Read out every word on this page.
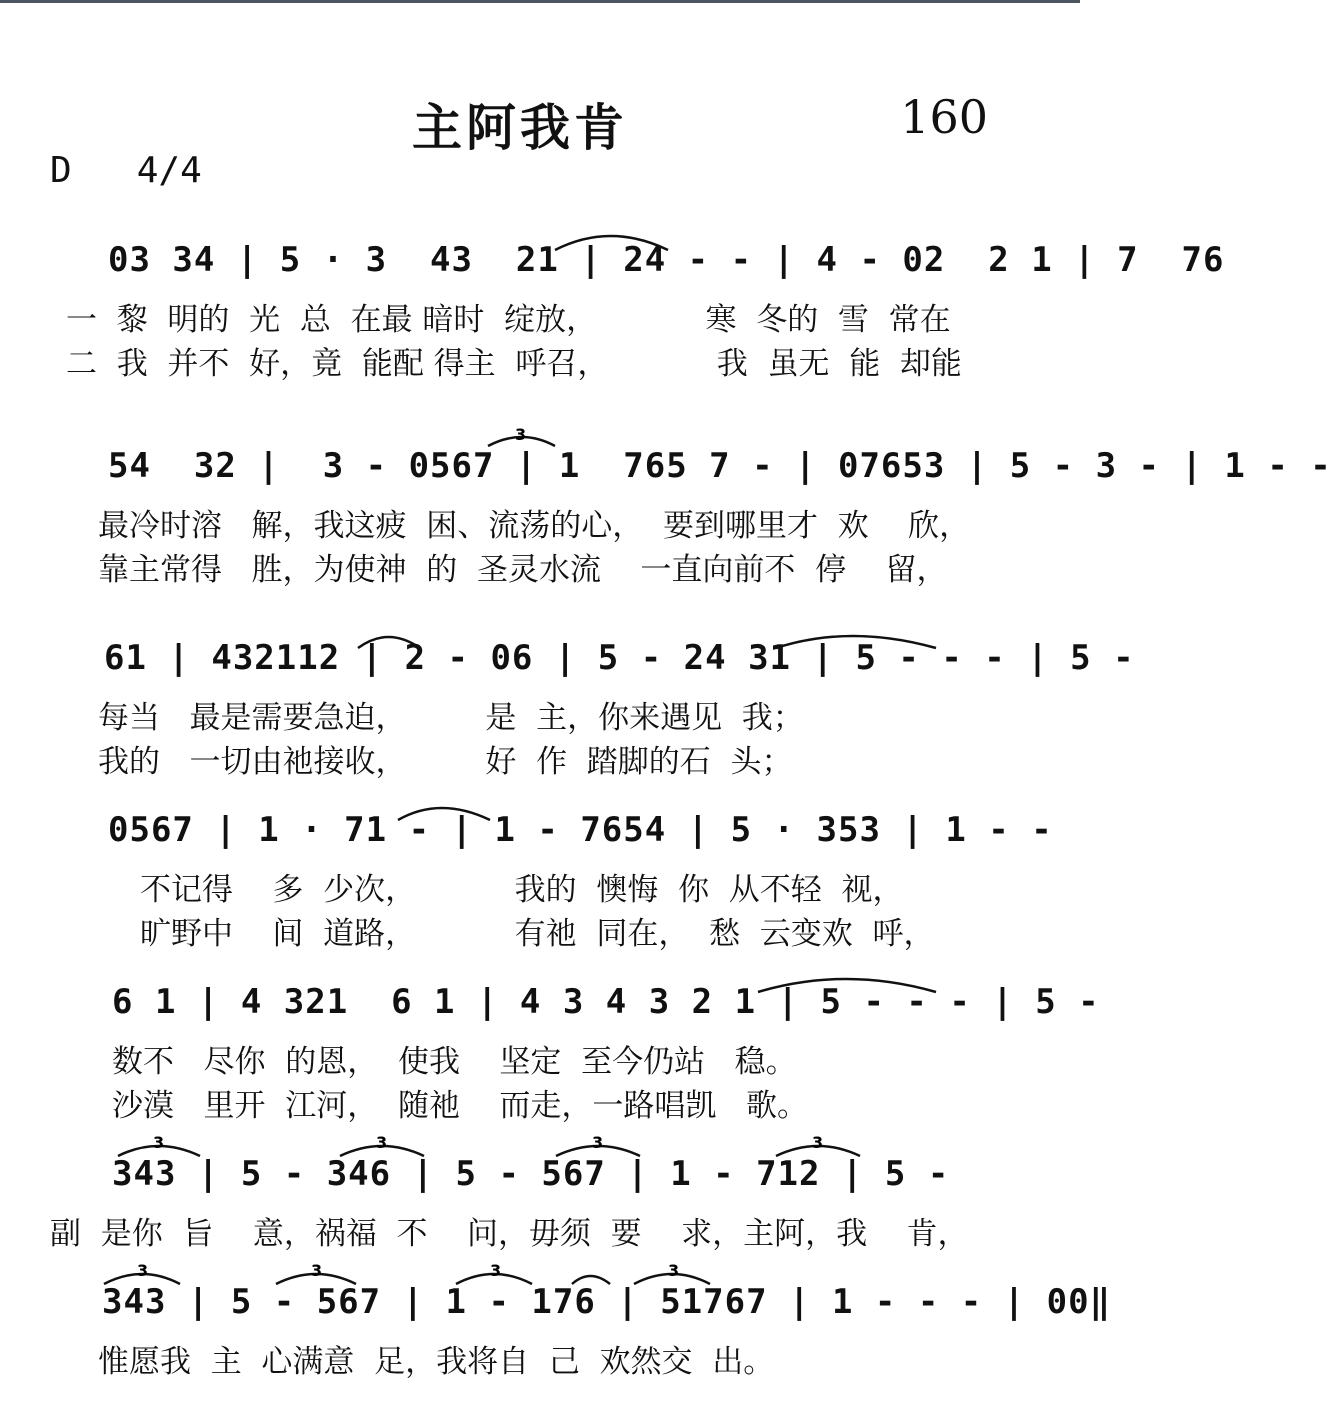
主阿我肯	160
D 4/4
03 34 | 5 · 3  43  21 | 24 - - | 4 - 02  2 1 | 7  76
一  黎  明的  光  总  在最 暗时  绽放，           寒  冬的  雪  常在
二  我  并不  好，竟  能配 得主  呼召，           我  虽无  能  却能
54  32 |  3 - 0567 | 1  765 7 - | 07653 | 5 - 3 - | 1 - -
最冷时溶   解，我这疲  困、流荡的心，  要到哪里才  欢    欣，
靠主常得   胜，为使神  的  圣灵水流    一直向前不  停    留，
3
61 | 432112 | 2 - 06 | 5 - 24 31 | 5 - - - | 5 -
每当   最是需要急迫，        是  主，你来遇见  我；
我的   一切由祂接收，        好  作  踏脚的石  头；
0567 | 1 · 71 - | 1 - 7654 | 5 · 353 | 1 - -
不记得    多  少次，          我的  懊悔  你  从不轻  视，
旷野中    间  道路，          有祂  同在，  愁  云变欢  呼，
6 1 | 4 321  6 1 | 4 3 4 3 2 1 | 5 - - - | 5 -
数不   尽你  的恩，  使我    坚定  至今仍站   稳。
沙漠   里开  江河，  随祂    而走，一路唱凯   歌。
343 | 5 - 346 | 5 - 567 | 1 - 712 | 5 -
副  是你  旨    意，祸福  不    问，毋须  要    求，主阿，我    肯，
3	3	3	3
343 | 5 - 567 | 1 - 176 | 51767 | 1 - - - | 00‖
惟愿我  主  心满意  足，我将自  己  欢然交  出。
3	3	3	3
